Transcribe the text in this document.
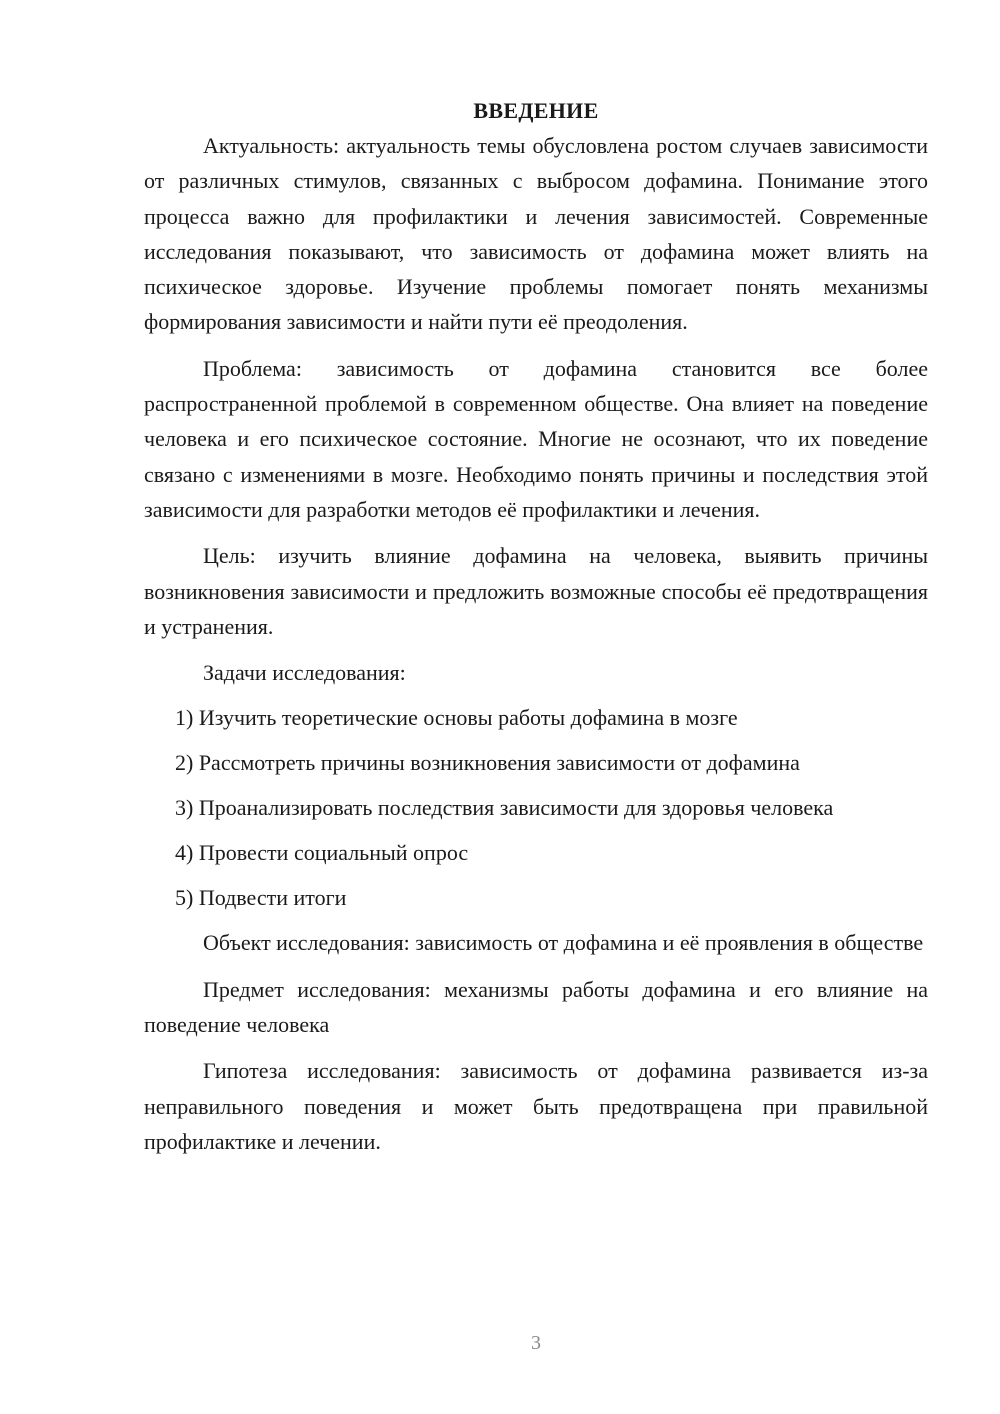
ВВЕДЕНИЕ

Актуальность: актуальность темы обусловлена ростом случаев зависимости от различных стимулов, связанных с выбросом дофамина. Понимание этого процесса важно для профилактики и лечения зависимостей. Современные исследования показывают, что зависимость от дофамина может влиять на психическое здоровье. Изучение проблемы помогает понять механизмы формирования зависимости и найти пути её преодоления.

Проблема: зависимость от дофамина становится все более распространенной проблемой в современном обществе. Она влияет на поведение человека и его психическое состояние. Многие не осознают, что их поведение связано с изменениями в мозге. Необходимо понять причины и последствия этой зависимости для разработки методов её профилактики и лечения.

Цель: изучить влияние дофамина на человека, выявить причины возникновения зависимости и предложить возможные способы её предотвращения и устранения.

Задачи исследования:

1) Изучить теоретические основы работы дофамина в мозге
2) Рассмотреть причины возникновения зависимости от дофамина
3) Проанализировать последствия зависимости для здоровья человека
4) Провести социальный опрос
5) Подвести итоги

Объект исследования: зависимость от дофамина и её проявления в обществе

Предмет исследования: механизмы работы дофамина и его влияние на поведение человека

Гипотеза исследования: зависимость от дофамина развивается из-за неправильного поведения и может быть предотвращена при правильной профилактике и лечении.

3
